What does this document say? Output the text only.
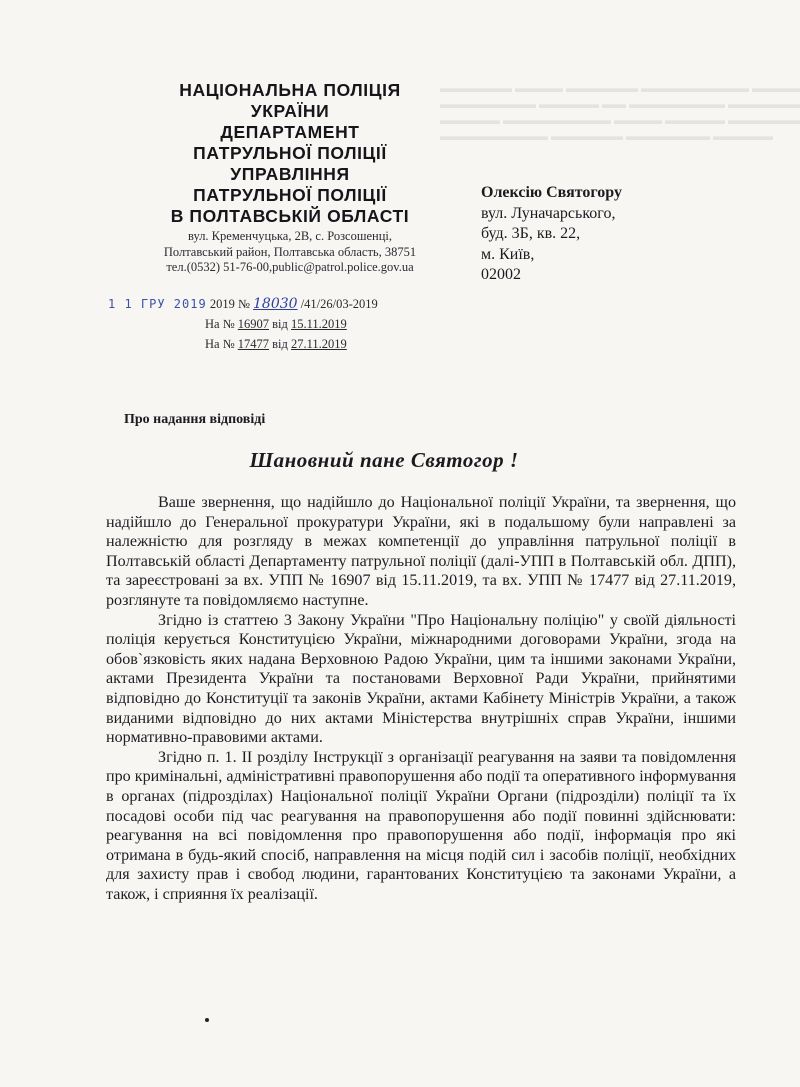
▬▬▬▬▬▬ ▬▬▬▬ ▬▬▬▬▬▬ ▬▬▬▬▬▬▬▬▬ ▬▬▬▬
▬▬▬▬▬▬▬▬ ▬▬▬▬▬ ▬▬ ▬▬▬▬▬▬▬▬ ▬▬▬▬▬▬
▬▬▬▬▬ ▬▬▬▬▬▬▬▬▬ ▬▬▬▬ ▬▬▬▬▬ ▬▬▬▬▬▬
▬▬▬▬▬▬▬▬▬ ▬▬▬▬▬▬ ▬▬▬▬▬▬▬ ▬▬▬▬▬
НАЦІОНАЛЬНА ПОЛІЦІЯ
УКРАЇНИ
ДЕПАРТАМЕНТ
ПАТРУЛЬНОЇ ПОЛІЦІЇ
УПРАВЛІННЯ
ПАТРУЛЬНОЇ ПОЛІЦІЇ
В ПОЛТАВСЬКІЙ ОБЛАСТІ
вул. Кременчуцька, 2В, с. Розсошенці,
Полтавський район, Полтавська область, 38751
тел.(0532) 51-76-00,public@patrol.police.gov.ua
1 1 ГРУ 2019 2019 № 18030 /41/26/03-2019
На № 16907 від 15.11.2019
На № 17477 від 27.11.2019
Олексію Святогору
вул. Луначарського,
буд. 3Б, кв. 22,
м. Київ,
02002
Про надання відповіді
Шановний пане Святогор !

Ваше звернення, що надійшло до Національної поліції України, та звернення, що надійшло до Генеральної прокуратури України, які в подальшому були направлені за належністю для розгляду в межах компетенції до управління патрульної поліції в Полтавській області Департаменту патрульної поліції (далі-УПП в Полтавській обл. ДПП), та зареєстровані за вх. УПП № 16907 від 15.11.2019, та вх. УПП № 17477 від 27.11.2019, розглянуте та повідомляємо наступне.

Згідно із статтею 3 Закону України "Про Національну поліцію" у своїй діяльності поліція керується Конституцією України, міжнародними договорами України, згода на обов`язковість яких надана Верховною Радою України, цим та іншими законами України, актами Президента України та постановами Верховної Ради України, прийнятими відповідно до Конституції та законів України, актами Кабінету Міністрів України, а також виданими відповідно до них актами Міністерства внутрішніх справ України, іншими нормативно-правовими актами.

Згідно п. 1. II розділу Інструкції з організації реагування на заяви та повідомлення про кримінальні, адміністративні правопорушення або події та оперативного інформування в органах (підрозділах) Національної поліції України Органи (підрозділи) поліції та їх посадові особи під час реагування на правопорушення або події повинні здійснювати: реагування на всі повідомлення про правопорушення або події, інформація про які отримана в будь-який спосіб, направлення на місця подій сил і засобів поліції, необхідних для захисту прав і свобод людини, гарантованих Конституцією та законами України, а також, і сприяння їх реалізації.
